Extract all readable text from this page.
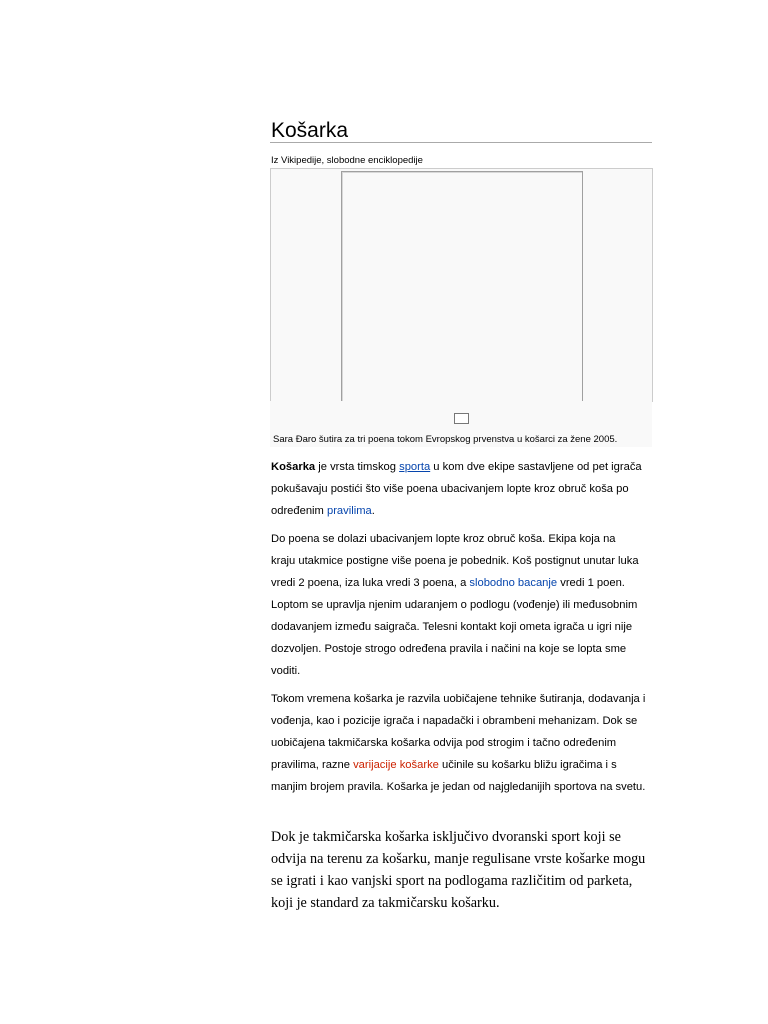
Košarka
Iz Vikipedije, slobodne enciklopedije
Sara Đaro šutira za tri poena tokom Evropskog prvenstva u košarci za žene 2005.

Košarka je vrsta timskog sporta u kom dve ekipe sastavljene od pet igrača pokušavaju postići što više poena ubacivanjem lopte kroz obruč koša po određenim pravilima.

Do poena se dolazi ubacivanjem lopte kroz obruč koša. Ekipa koja na kraju utakmice postigne više poena je pobednik. Koš postignut unutar luka vredi 2 poena, iza luka vredi 3 poena, a slobodno bacanje vredi 1 poen. Loptom se upravlja njenim udaranjem o podlogu (vođenje) ili međusobnim dodavanjem između saigrača. Telesni kontakt koji ometa igrača u igri nije dozvoljen. Postoje strogo određena pravila i načini na koje se lopta sme voditi.

Tokom vremena košarka je razvila uobičajene tehnike šutiranja, dodavanja i vođenja, kao i pozicije igrača i napadački i obrambeni mehanizam. Dok se uobičajena takmičarska košarka odvija pod strogim i tačno određenim pravilima, razne varijacije košarke učinile su košarku bližu igračima i s manjim brojem pravila. Košarka je jedan od najgledanijih sportova na svetu.

Dok je takmičarska košarka isključivo dvoranski sport koji se odvija na terenu za košarku, manje regulisane vrste košarke mogu se igrati i kao vanjski sport na podlogama različitim od parketa, koji je standard za takmičarsku košarku.
